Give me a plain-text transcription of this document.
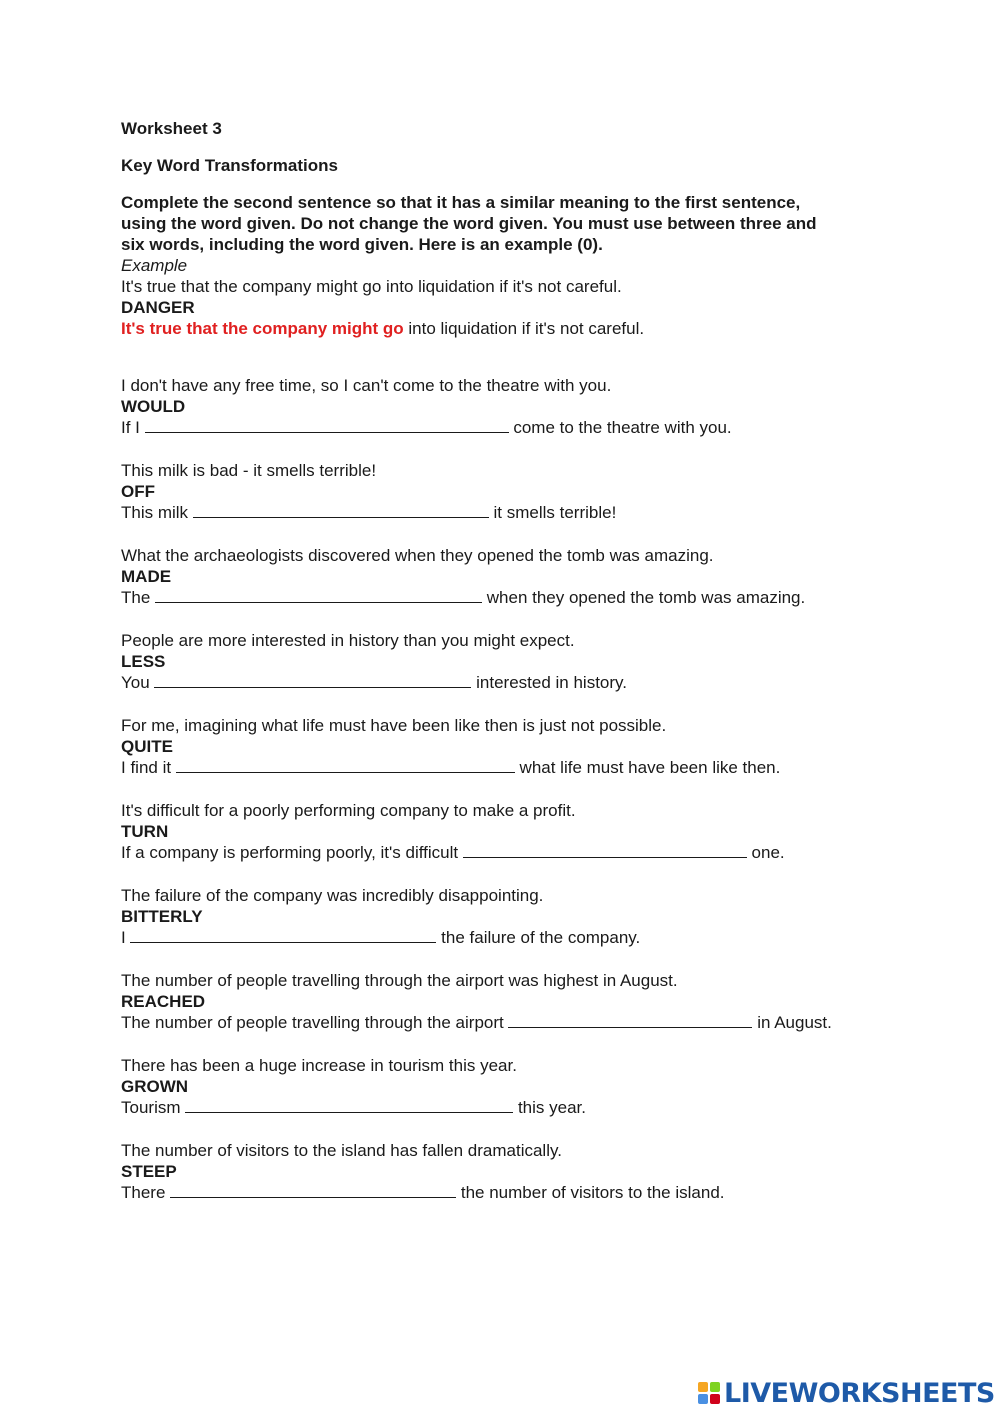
Worksheet 3
Key Word Transformations
Complete the second sentence so that it has a similar meaning to the first sentence,
using the word given. Do not change the word given. You must use between three and
six words, including the word given. Here is an example (0).
Example
It's true that the company might go into liquidation if it's not careful.
DANGER
It's true that the company might go into liquidation if it's not careful.
I don't have any free time, so I can't come to the theatre with you.
WOULD
If I	come to the theatre with you.
This milk is bad - it smells terrible!
OFF
This milk	it smells terrible!
What the archaeologists discovered when they opened the tomb was amazing.
MADE
The	when they opened the tomb was amazing.
People are more interested in history than you might expect.
LESS
You	interested in history.
For me, imagining what life must have been like then is just not possible.
QUITE
I find it	what life must have been like then.
It's difficult for a poorly performing company to make a profit.
TURN
If a company is performing poorly, it's difficult	one.
The failure of the company was incredibly disappointing.
BITTERLY
I	the failure of the company.
The number of people travelling through the airport was highest in August.
REACHED
The number of people travelling through the airport	in August.
There has been a huge increase in tourism this year.
GROWN
Tourism	this year.
The number of visitors to the island has fallen dramatically.
STEEP
There	the number of visitors to the island.
LIVEWORKSHEETS
